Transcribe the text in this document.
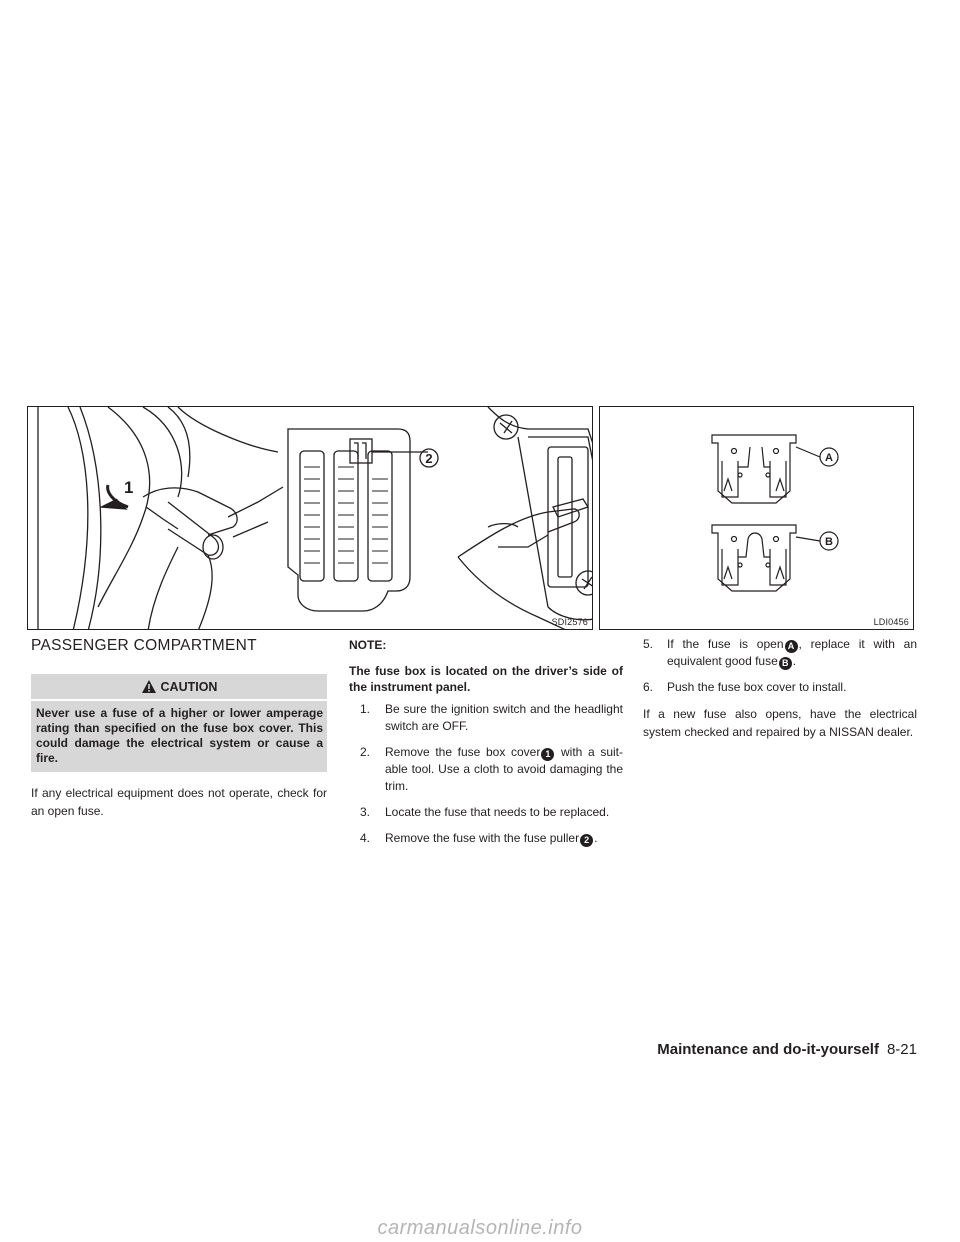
1
2
SDI2576
A
B
LDI0456
PASSENGER COMPARTMENT
CAUTION
Never use a fuse of a higher or lower amperage rating than specified on the fuse box cover. This could damage the electrical system or cause a fire.

If any electrical equipment does not operate, check for an open fuse.

NOTE:
The fuse box is located on the driver’s side of the instrument panel.
1. Be sure the ignition switch and the headlight switch are OFF.
2. Remove the fuse box cover 1 with a suit-able tool. Use a cloth to avoid damaging the trim.
3. Locate the fuse that needs to be replaced.
4. Remove the fuse with the fuse puller 2 .
5. If the fuse is open A , replace it with an equivalent good fuse B .
6. Push the fuse box cover to install.

If a new fuse also opens, have the electrical system checked and repaired by a NISSAN dealer.

Maintenance and do-it-yourself 8-21
carmanualsonline.info
